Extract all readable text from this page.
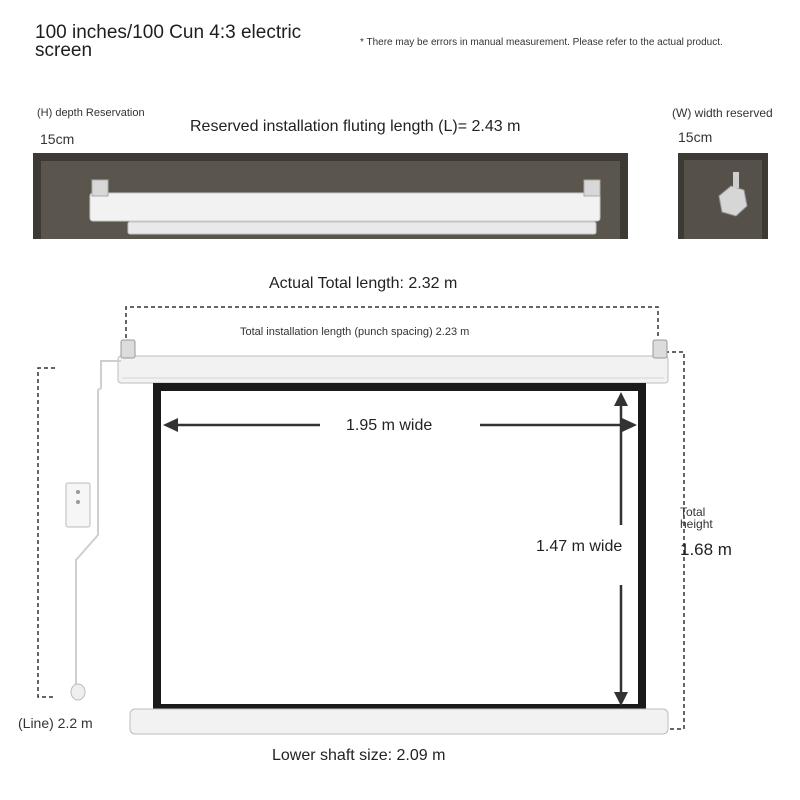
100 inches/100 Cun 4:3 electric screen	* There may be errors in manual measurement. Please refer to the actual product.
(H) depth Reservation
15cm
Reserved installation fluting length (L)= 2.43 m
(W) width reserved
15cm
Actual Total length: 2.32 m
Total installation length (punch spacing) 2.23 m
1.95 m wide
1.47 m wide
Total height
1.68 m
(Line) 2.2 m
Lower shaft size: 2.09 m
